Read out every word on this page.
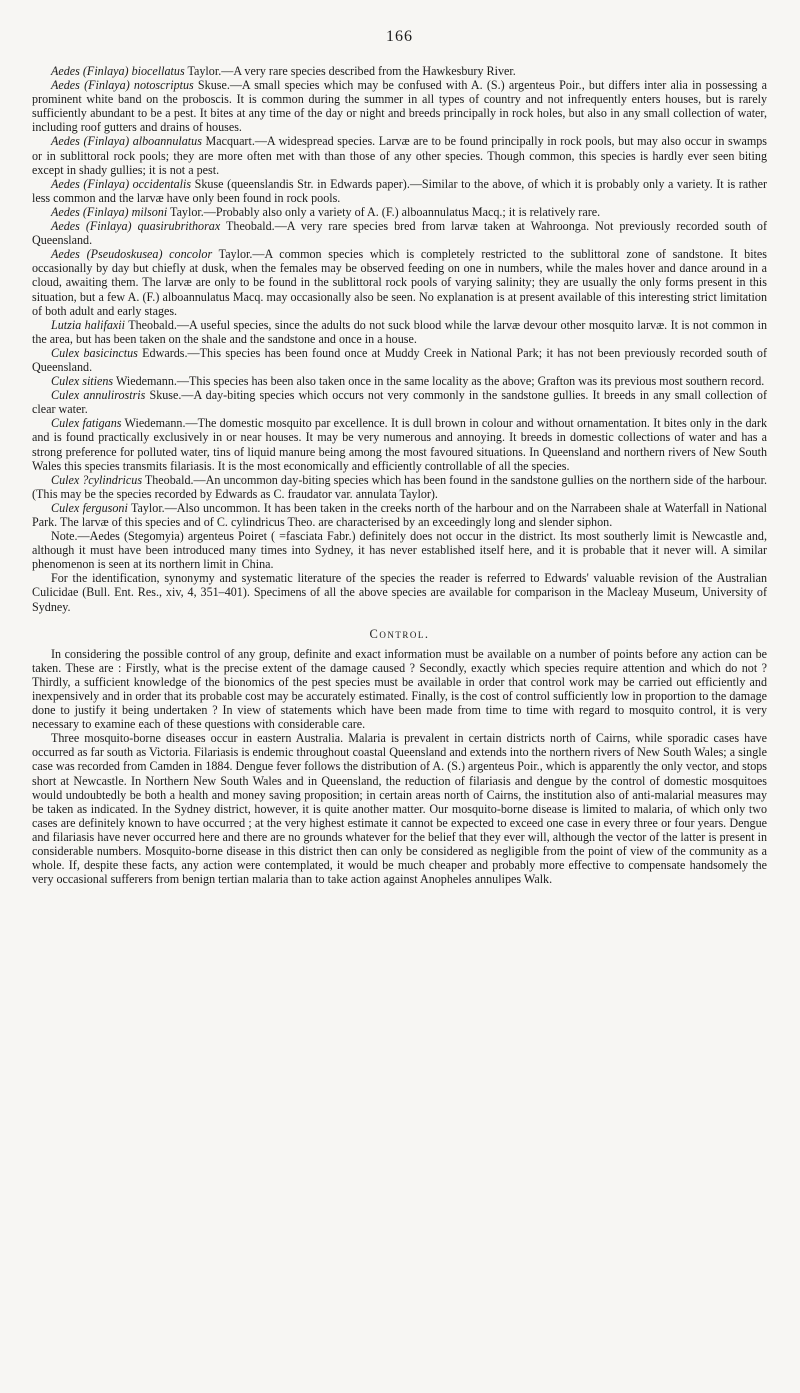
166

Aedes (Finlaya) biocellatus Taylor.—A very rare species described from the Hawkesbury River.

Aedes (Finlaya) notoscriptus Skuse.—A small species which may be confused with A. (S.) argenteus Poir., but differs inter alia in possessing a prominent white band on the proboscis. It is common during the summer in all types of country and not infrequently enters houses, but is rarely sufficiently abundant to be a pest. It bites at any time of the day or night and breeds principally in rock holes, but also in any small collection of water, including roof gutters and drains of houses.

Aedes (Finlaya) alboannulatus Macquart.—A widespread species. Larvæ are to be found principally in rock pools, but may also occur in swamps or in sublittoral rock pools; they are more often met with than those of any other species. Though common, this species is hardly ever seen biting except in shady gullies; it is not a pest.

Aedes (Finlaya) occidentalis Skuse (queenslandis Str. in Edwards paper).—Similar to the above, of which it is probably only a variety. It is rather less common and the larvæ have only been found in rock pools.

Aedes (Finlaya) milsoni Taylor.—Probably also only a variety of A. (F.) alboannulatus Macq.; it is relatively rare.

Aedes (Finlaya) quasirubrithorax Theobald.—A very rare species bred from larvæ taken at Wahroonga. Not previously recorded south of Queensland.

Aedes (Pseudoskusea) concolor Taylor.—A common species which is completely restricted to the sublittoral zone of sandstone. It bites occasionally by day but chiefly at dusk, when the females may be observed feeding on one in numbers, while the males hover and dance around in a cloud, awaiting them. The larvæ are only to be found in the sublittoral rock pools of varying salinity; they are usually the only forms present in this situation, but a few A. (F.) alboannulatus Macq. may occasionally also be seen. No explanation is at present available of this interesting strict limitation of both adult and early stages.

Lutzia halifaxii Theobald.—A useful species, since the adults do not suck blood while the larvæ devour other mosquito larvæ. It is not common in the area, but has been taken on the shale and the sandstone and once in a house.

Culex basicinctus Edwards.—This species has been found once at Muddy Creek in National Park; it has not been previously recorded south of Queensland.

Culex sitiens Wiedemann.—This species has been also taken once in the same locality as the above; Grafton was its previous most southern record.

Culex annulirostris Skuse.—A day-biting species which occurs not very commonly in the sandstone gullies. It breeds in any small collection of clear water.

Culex fatigans Wiedemann.—The domestic mosquito par excellence. It is dull brown in colour and without ornamentation. It bites only in the dark and is found practically exclusively in or near houses. It may be very numerous and annoying. It breeds in domestic collections of water and has a strong preference for polluted water, tins of liquid manure being among the most favoured situations. In Queensland and northern rivers of New South Wales this species transmits filariasis. It is the most economically and efficiently controllable of all the species.

Culex ?cylindricus Theobald.—An uncommon day-biting species which has been found in the sandstone gullies on the northern side of the harbour. (This may be the species recorded by Edwards as C. fraudator var. annulata Taylor).

Culex fergusoni Taylor.—Also uncommon. It has been taken in the creeks north of the harbour and on the Narrabeen shale at Waterfall in National Park. The larvæ of this species and of C. cylindricus Theo. are characterised by an exceedingly long and slender siphon.

Note.—Aedes (Stegomyia) argenteus Poiret ( =fasciata Fabr.) definitely does not occur in the district. Its most southerly limit is Newcastle and, although it must have been introduced many times into Sydney, it has never established itself here, and it is probable that it never will. A similar phenomenon is seen at its northern limit in China.

For the identification, synonymy and systematic literature of the species the reader is referred to Edwards' valuable revision of the Australian Culicidae (Bull. Ent. Res., xiv, 4, 351–401). Specimens of all the above species are available for comparison in the Macleay Museum, University of Sydney.

Control.

In considering the possible control of any group, definite and exact information must be available on a number of points before any action can be taken. These are : Firstly, what is the precise extent of the damage caused ? Secondly, exactly which species require attention and which do not ? Thirdly, a sufficient knowledge of the bionomics of the pest species must be available in order that control work may be carried out efficiently and inexpensively and in order that its probable cost may be accurately estimated. Finally, is the cost of control sufficiently low in proportion to the damage done to justify it being undertaken ? In view of statements which have been made from time to time with regard to mosquito control, it is very necessary to examine each of these questions with considerable care.

Three mosquito-borne diseases occur in eastern Australia. Malaria is prevalent in certain districts north of Cairns, while sporadic cases have occurred as far south as Victoria. Filariasis is endemic throughout coastal Queensland and extends into the northern rivers of New South Wales; a single case was recorded from Camden in 1884. Dengue fever follows the distribution of A. (S.) argenteus Poir., which is apparently the only vector, and stops short at Newcastle. In Northern New South Wales and in Queensland, the reduction of filariasis and dengue by the control of domestic mosquitoes would undoubtedly be both a health and money saving proposition; in certain areas north of Cairns, the institution also of anti-malarial measures may be taken as indicated. In the Sydney district, however, it is quite another matter. Our mosquito-borne disease is limited to malaria, of which only two cases are definitely known to have occurred ; at the very highest estimate it cannot be expected to exceed one case in every three or four years. Dengue and filariasis have never occurred here and there are no grounds whatever for the belief that they ever will, although the vector of the latter is present in considerable numbers. Mosquito-borne disease in this district then can only be considered as negligible from the point of view of the community as a whole. If, despite these facts, any action were contemplated, it would be much cheaper and probably more effective to compensate handsomely the very occasional sufferers from benign tertian malaria than to take action against Anopheles annulipes Walk.
